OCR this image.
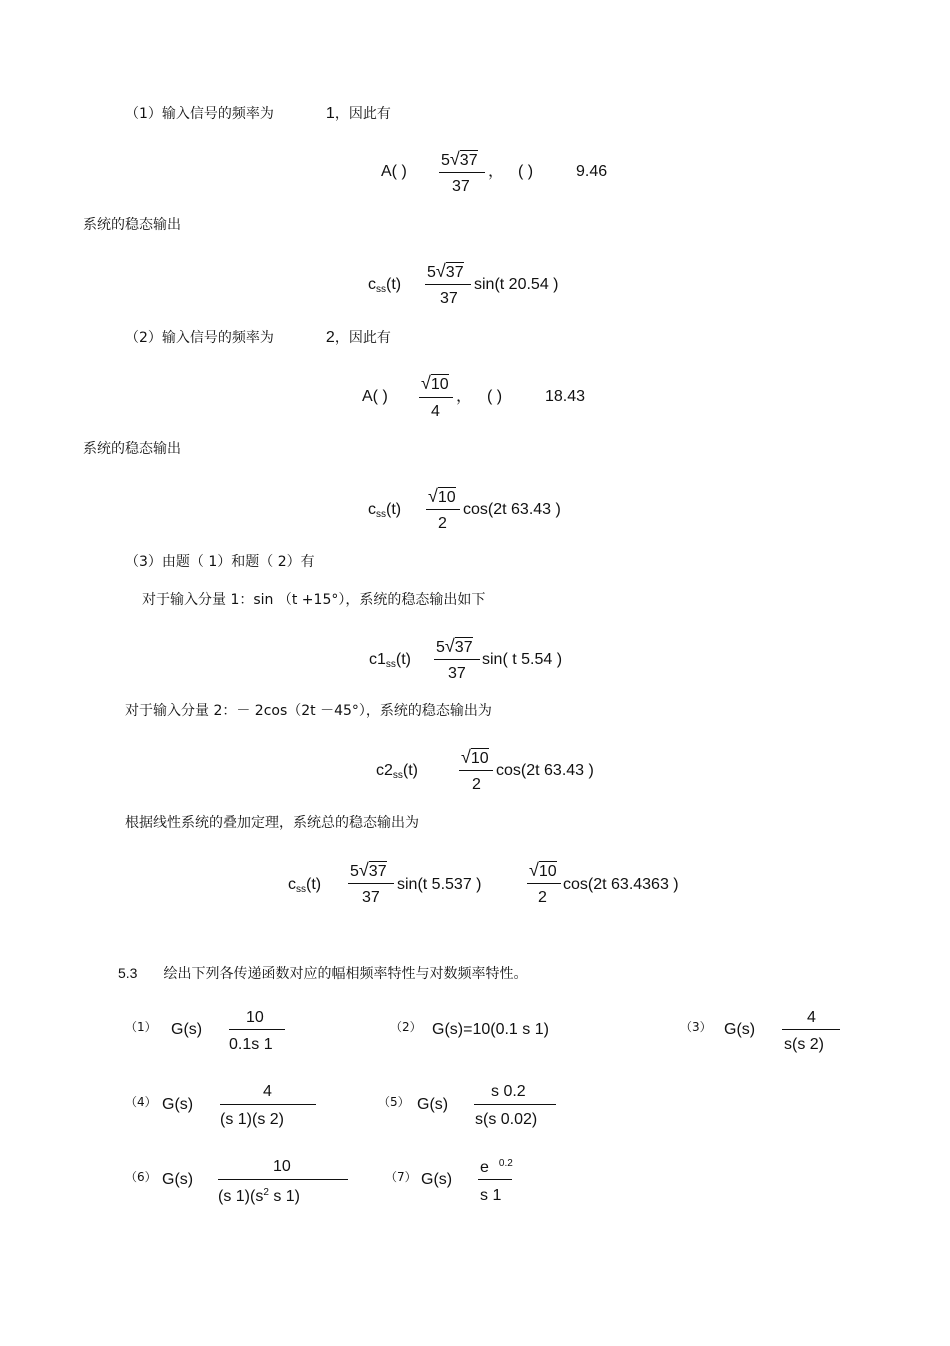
（1）输入信号的频率为	1，因此有
A( )
5√37
37
， ( )	9.46
系统的稳态输出
$c_{ss}(t)$
5√37
37
sin(t 20.54 )
（2）输入信号的频率为	2，因此有
A( )
√10
4
， ( )	18.43
系统的稳态输出
$c_{ss}(t)$
√10
2
cos(2t 63.43 )
（3）由题（ 1）和题（ 2）有
对于输入分量 1：sin （t +15°），系统的稳态输出如下
$c1_{ss}(t)$
5√37
37
sin( t 5.54 )
对于输入分量 2：－ 2cos（2t －45°），系统的稳态输出为
$c2_{ss}(t)$
√10
2
cos(2t 63.43 )
根据线性系统的叠加定理，系统总的稳态输出为
$c_{ss}(t)$
5√37
37
sin(t 5.537 )
√10
2
cos(2t 63.4363 )
5.3 绘出下列各传递函数对应的幅相频率特性与对数频率特性。
（1） G(s)
10
0.1s 1
（2） G(s)=10(0.1 s 1)	（3） G(s)
4
s(s 2)
（4） G(s)
4
(s 1)(s 2)
（5） G(s)
s 0.2
s(s 0.02)
（6） G(s)
10
(s $1)(s^2$ s 1)
（7） G(s)
e $^{0.2}$
s 1
